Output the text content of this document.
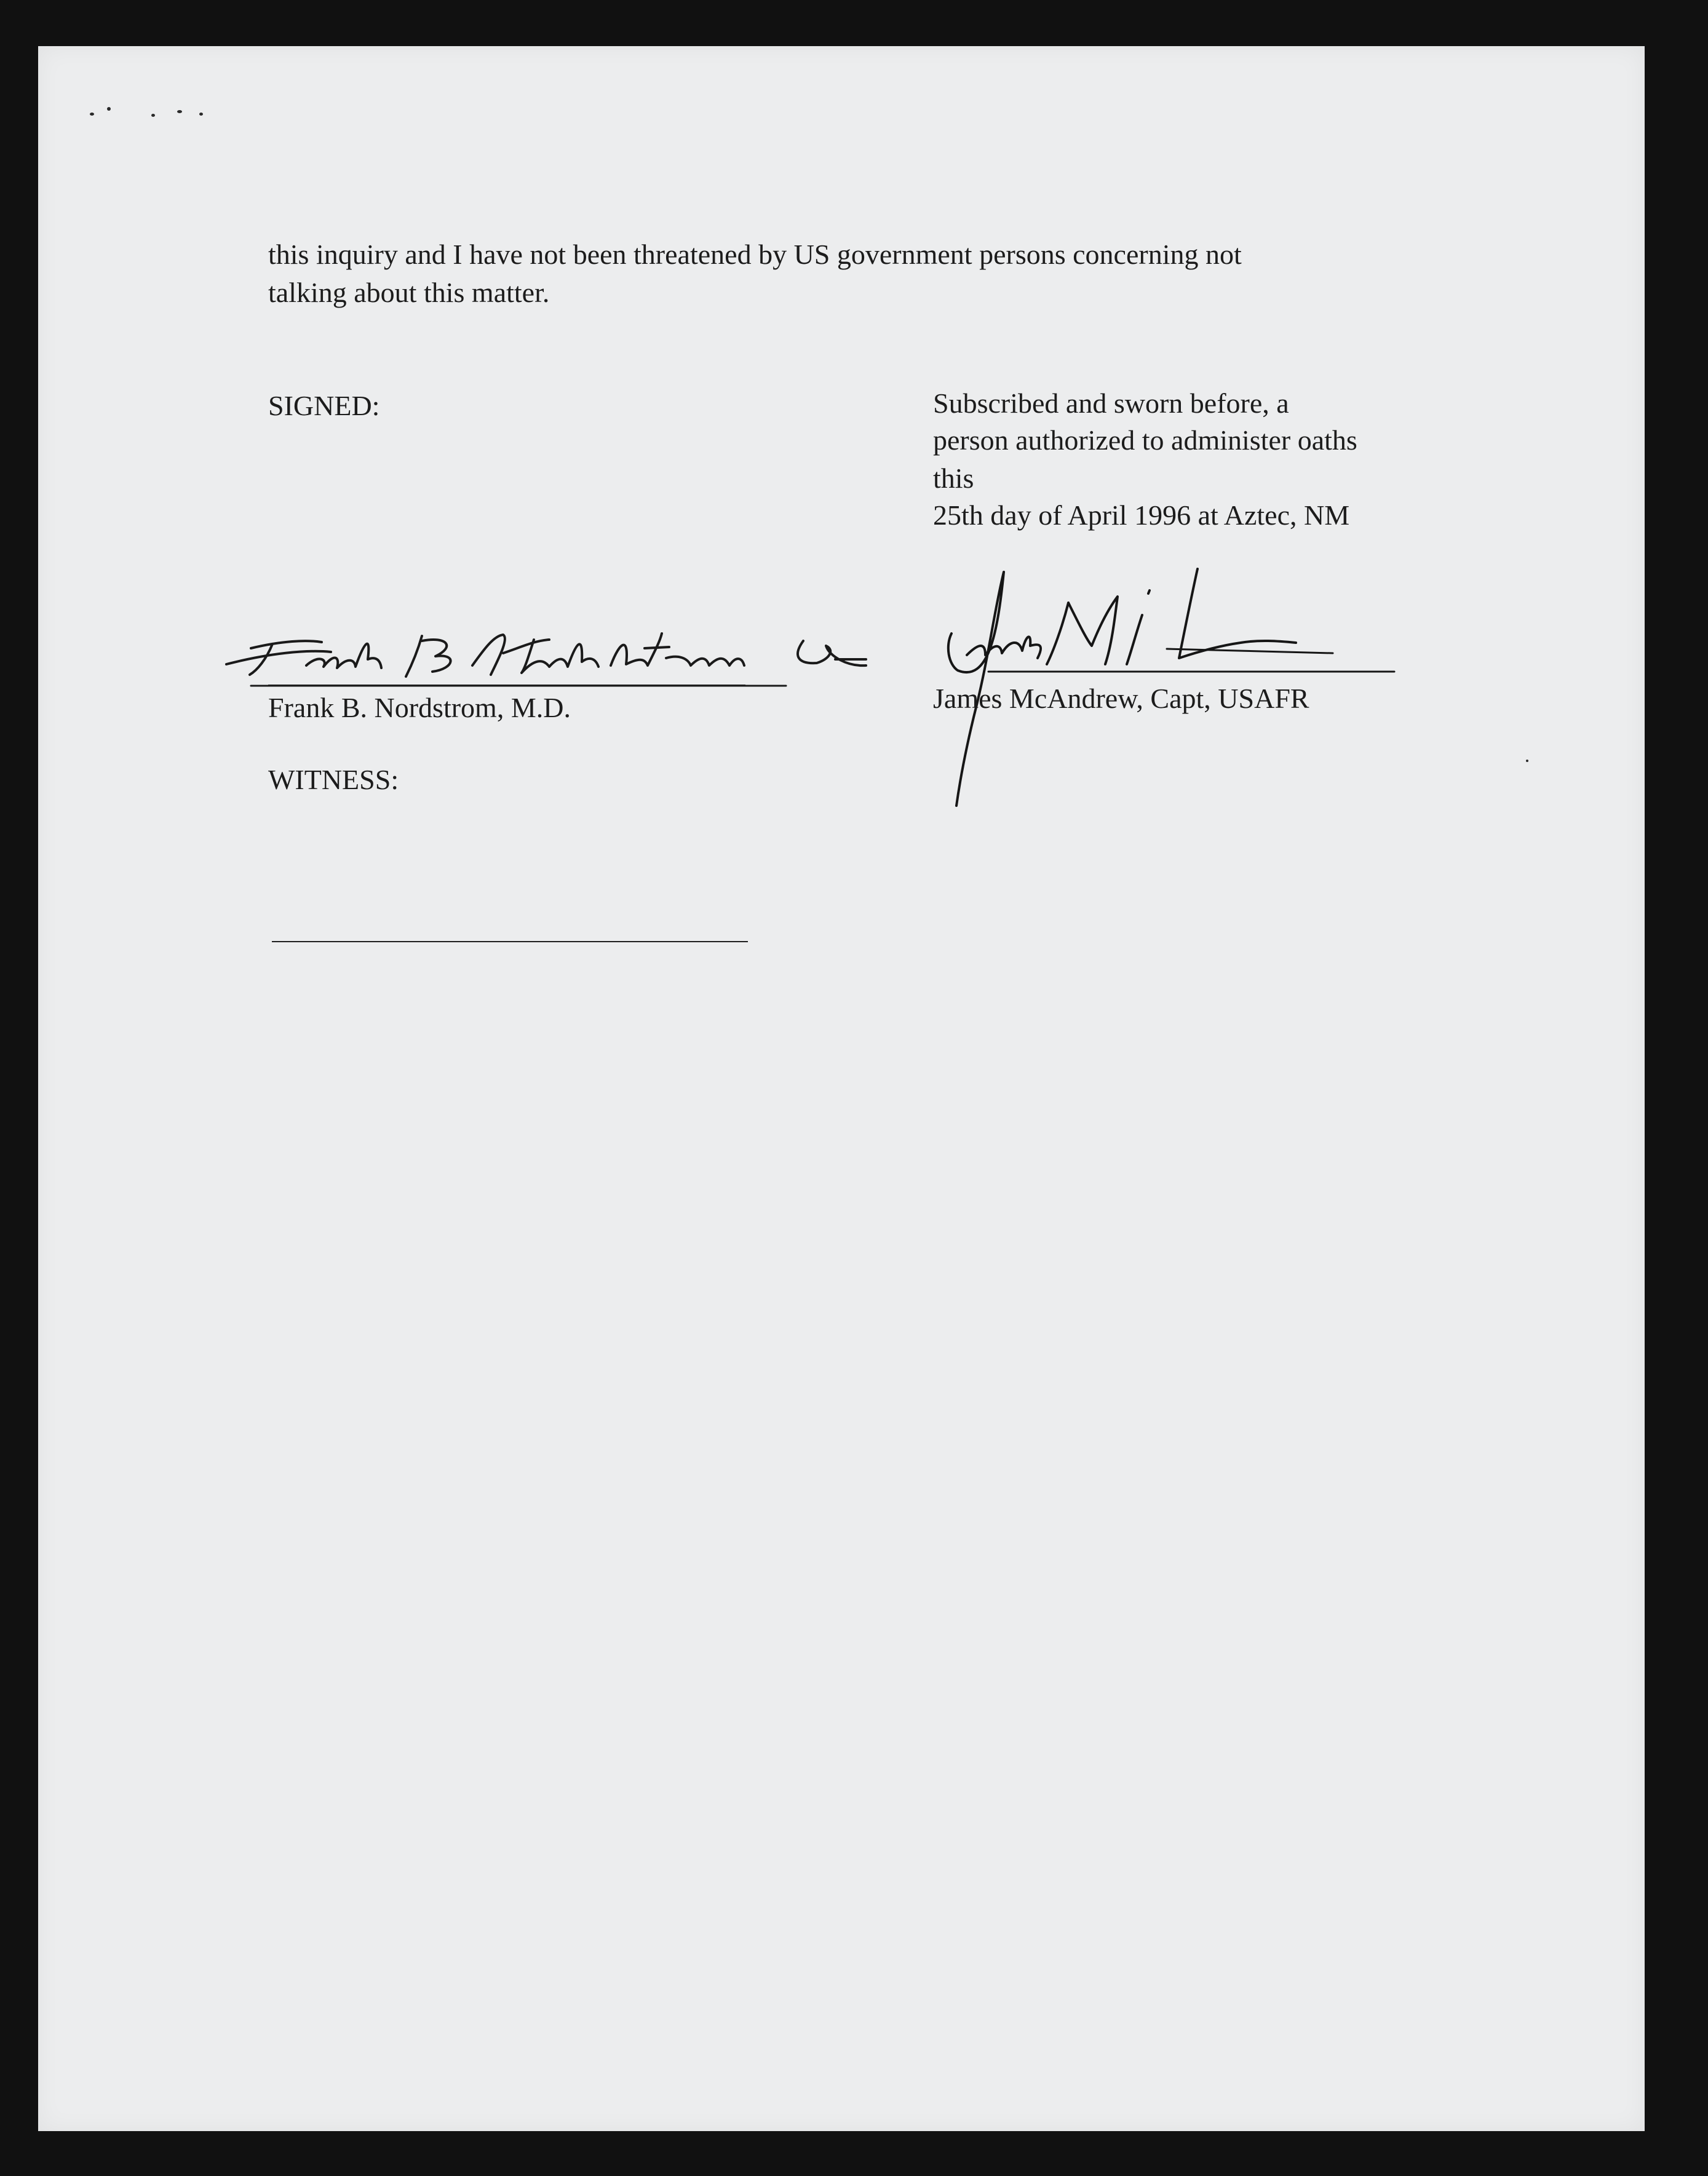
this inquiry and I have not been threatened by US government persons concerning not
talking about this matter.
SIGNED:
Frank B. Nordstrom, M.D.
WITNESS:
Subscribed and sworn before, a
person authorized to administer oaths
this
25th day of April 1996 at Aztec, NM
James McAndrew, Capt, USAFR
